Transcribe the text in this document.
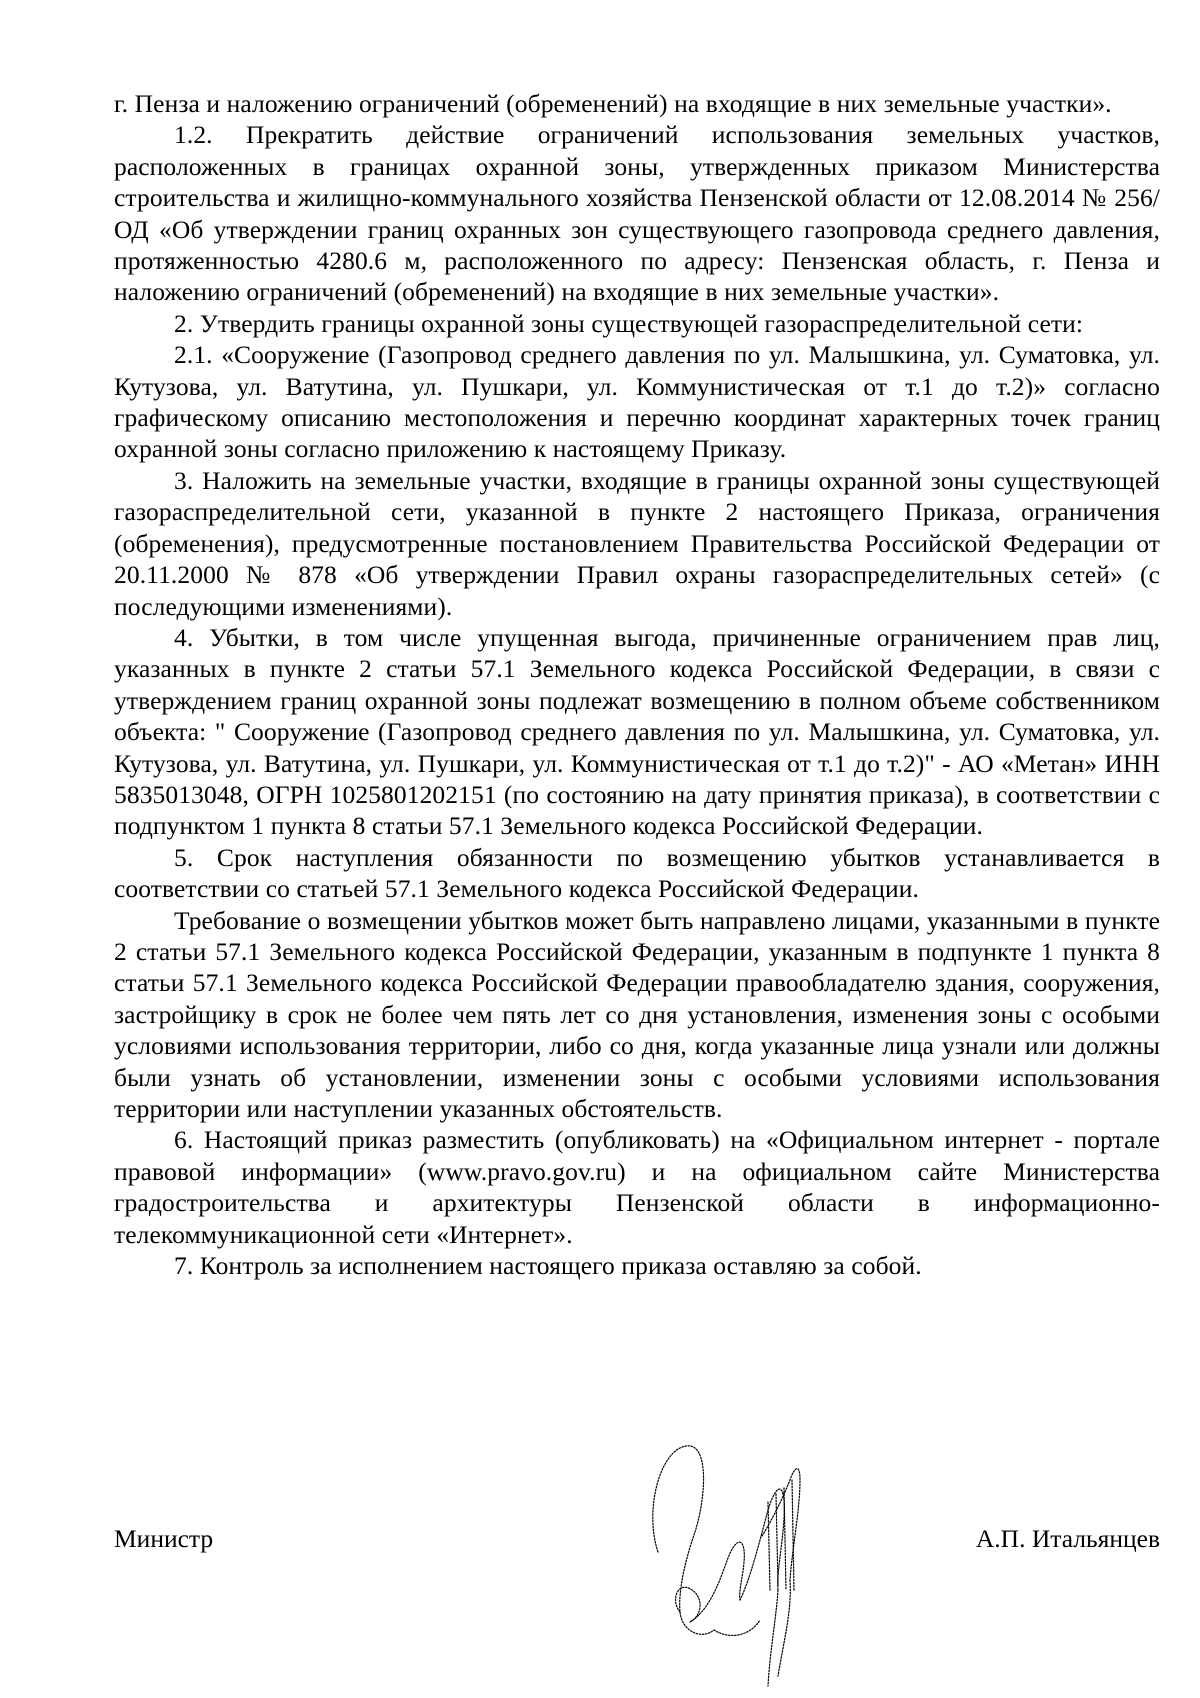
г. Пенза и наложению ограничений (обременений) на входящие в них земельные участки».

1.2. Прекратить действие ограничений использования земельных участков, расположенных в границах охранной зоны, утвержденных приказом Министерства строительства и жилищно-коммунального хозяйства Пензенской области от 12.08.2014 № 256/ОД «Об утверждении границ охранных зон существующего газопровода среднего давления, протяженностью 4280.6 м, расположенного по адресу: Пензенская область, г. Пенза и наложению ограничений (обременений) на входящие в них земельные участки».

2. Утвердить границы охранной зоны существующей газораспределительной сети:

2.1. «Сооружение (Газопровод среднего давления по ул. Малышкина, ул. Суматовка, ул. Кутузова, ул. Ватутина, ул. Пушкари, ул. Коммунистическая от т.1 до т.2)» согласно графическому описанию местоположения и перечню координат характерных точек границ охранной зоны согласно приложению к настоящему Приказу.

3. Наложить на земельные участки, входящие в границы охранной зоны существующей газораспределительной сети, указанной в пункте 2 настоящего Приказа, ограничения (обременения), предусмотренные постановлением Правительства Российской Федерации от 20.11.2000 № 878 «Об утверждении Правил охраны газораспределительных сетей» (с последующими изменениями).

4. Убытки, в том числе упущенная выгода, причиненные ограничением прав лиц, указанных в пункте 2 статьи 57.1 Земельного кодекса Российской Федерации, в связи с утверждением границ охранной зоны подлежат возмещению в полном объеме собственником объекта: " Сооружение (Газопровод среднего давления по ул. Малышкина, ул. Суматовка, ул. Кутузова, ул. Ватутина, ул. Пушкари, ул. Коммунистическая от т.1 до т.2)" - АО «Метан» ИНН 5835013048, ОГРН 1025801202151 (по состоянию на дату принятия приказа), в соответствии с подпунктом 1 пункта 8 статьи 57.1 Земельного кодекса Российской Федерации.

5. Срок наступления обязанности по возмещению убытков устанавливается в соответствии со статьей 57.1 Земельного кодекса Российской Федерации.

Требование о возмещении убытков может быть направлено лицами, указанными в пункте 2 статьи 57.1 Земельного кодекса Российской Федерации, указанным в подпункте 1 пункта 8 статьи 57.1 Земельного кодекса Российской Федерации правообладателю здания, сооружения, застройщику в срок не более чем пять лет со дня установления, изменения зоны с особыми условиями использования территории, либо со дня, когда указанные лица узнали или должны были узнать об установлении, изменении зоны с особыми условиями использования территории или наступлении указанных обстоятельств.

6. Настоящий приказ разместить (опубликовать) на «Официальном интернет - портале правовой информации» (www.pravo.gov.ru) и на официальном сайте Министерства градостроительства и архитектуры Пензенской области в информационно-телекоммуникационной сети «Интернет».

7. Контроль за исполнением настоящего приказа оставляю за собой.

Министр	А.П. Итальянцев
